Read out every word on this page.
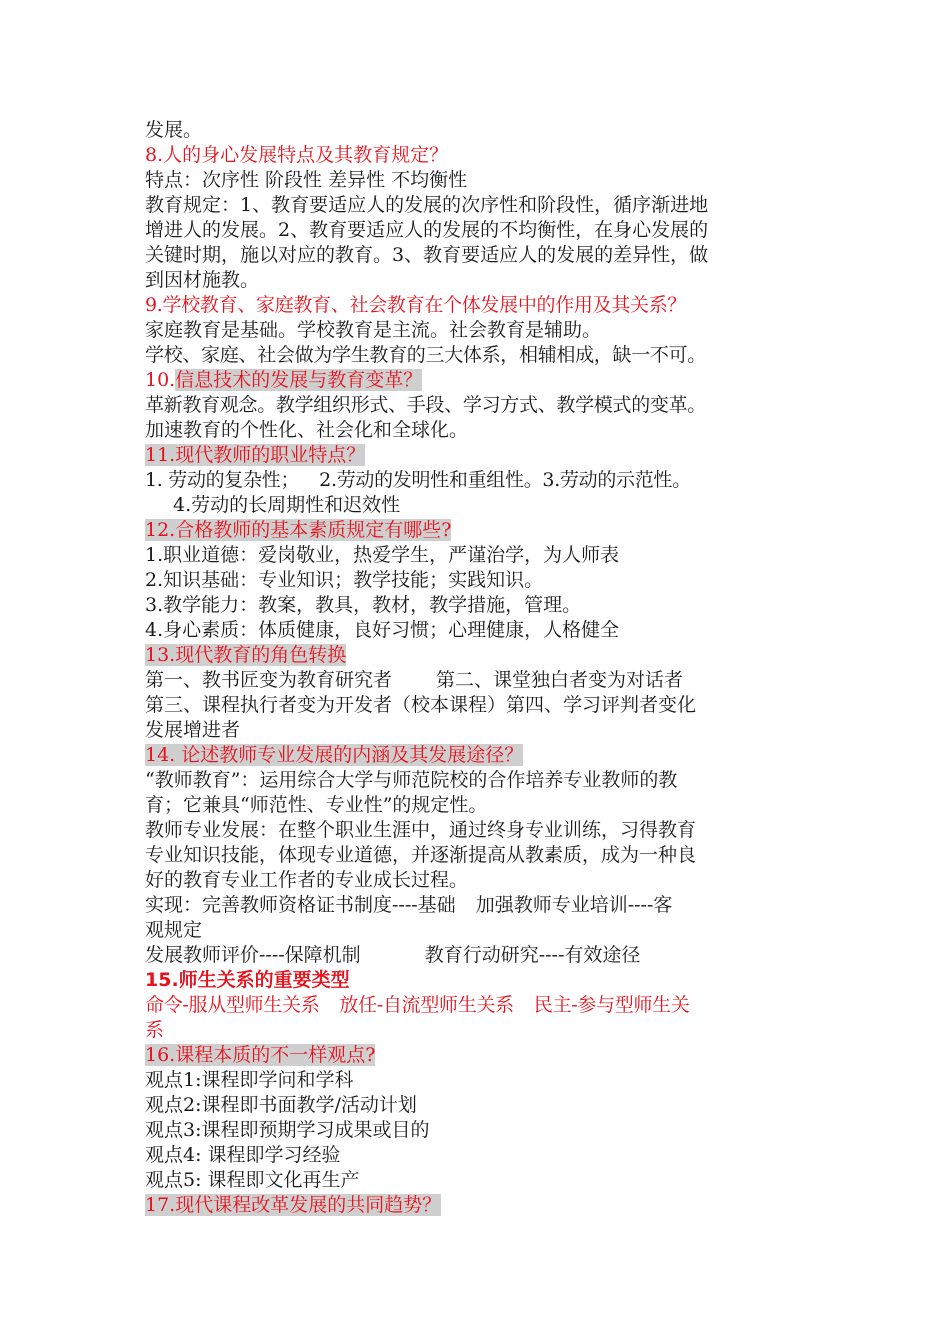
发展。

8.人的身心发展特点及其教育规定？

特点：次序性 阶段性 差异性 不均衡性

教育规定：1、教育要适应人的发展的次序性和阶段性，循序渐进地

增进人的发展。2、教育要适应人的发展的不均衡性，在身心发展的

关键时期，施以对应的教育。3、教育要适应人的发展的差异性，做

到因材施教。

9.学校教育、家庭教育、社会教育在个体发展中的作用及其关系？

家庭教育是基础。学校教育是主流。社会教育是辅助。

学校、家庭、社会做为学生教育的三大体系，相辅相成，缺一不可。

10.信息技术的发展与教育变革？

革新教育观念。教学组织形式、手段、学习方式、教学模式的变革。

加速教育的个性化、社会化和全球化。

11.现代教师的职业特点？

1. 劳动的复杂性； 2.劳动的发明性和重组性。3.劳动的示范性。

4.劳动的长周期性和迟效性

12.合格教师的基本素质规定有哪些?

1.职业道德：爱岗敬业，热爱学生，严谨治学，为人师表

2.知识基础：专业知识；教学技能；实践知识。

3.教学能力：教案，教具，教材，教学措施，管理。

4.身心素质：体质健康，良好习惯；心理健康，人格健全

13.现代教育的角色转换

第一、教书匠变为教育研究者 第二、课堂独白者变为对话者

第三、课程执行者变为开发者（校本课程）第四、学习评判者变化

发展增进者

14. 论述教师专业发展的内涵及其发展途径？

“教师教育”：运用综合大学与师范院校的合作培养专业教师的教

育；它兼具“师范性、专业性”的规定性。

教师专业发展：在整个职业生涯中，通过终身专业训练，习得教育

专业知识技能，体现专业道德，并逐渐提高从教素质，成为一种良

好的教育专业工作者的专业成长过程。

实现：完善教师资格证书制度----基础 加强教师专业培训----客

观规定

发展教师评价----保障机制	教育行动研究----有效途径

15.师生关系的重要类型

命令-服从型师生关系 放任-自流型师生关系 民主-参与型师生关

系

16.课程本质的不一样观点?

观点1:课程即学问和学科

观点2:课程即书面教学/活动计划

观点3:课程即预期学习成果或目的

观点4: 课程即学习经验

观点5: 课程即文化再生产

17.现代课程改革发展的共同趋势？
